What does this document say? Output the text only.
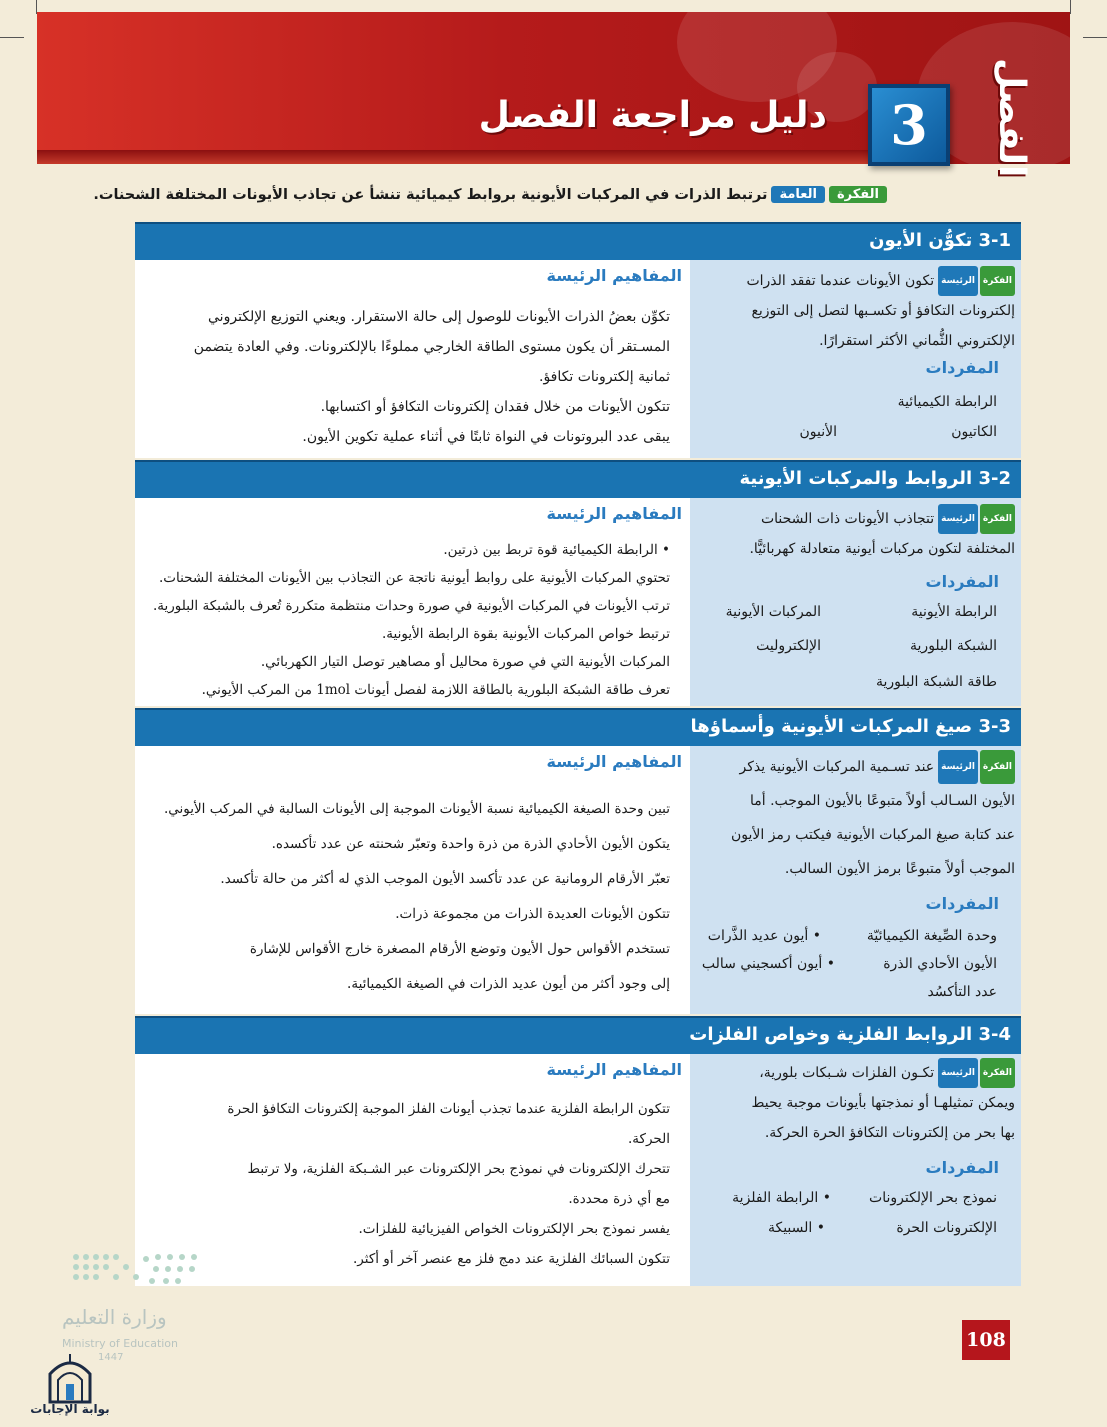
دليل مراجعة الفصل	3	الفصل
الفكرة
العامة
ترتبط الذرات في المركبات الأيونية بروابط كيميائية تنشأ عن تجاذب الأيونات المختلفة الشحنات.
3-1 تكوُّن الأيون
المفاهيم الرئيسة
تكوِّن بعضُ الذرات الأيونات للوصول إلى حالة الاستقرار. ويعني التوزيع الإلكتروني
المسـتقر أن يكون مستوى الطاقة الخارجي مملوءًا بالإلكترونات. وفي العادة يتضمن
ثمانية إلكترونات تكافؤ.
تتكون الأيونات من خلال فقدان إلكترونات التكافؤ أو اكتسابها.
يبقى عدد البروتونات في النواة ثابتًا في أثناء عملية تكوين الأيون.
الفكرة
الرئيسة
تكون الأيونات عندما تفقد الذرات
إلكترونات التكافؤ أو تكسـبها لتصل إلى التوزيع
الإلكتروني الثُّماني الأكثر استقرارًا.
المفردات
الرابطة الكيميائية
الكاتيون
الأنيون
3-2 الروابط والمركبات الأيونية
المفاهيم الرئيسة
• الرابطة الكيميائية قوة تربط بين ذرتين.
تحتوي المركبات الأيونية على روابط أيونية ناتجة عن التجاذب بين الأيونات المختلفة الشحنات.
ترتب الأيونات في المركبات الأيونية في صورة وحدات منتظمة متكررة تُعرف بالشبكة البلورية.
ترتبط خواص المركبات الأيونية بقوة الرابطة الأيونية.
المركبات الأيونية التي في صورة محاليل أو مصاهير توصل التيار الكهربائي.
تعرف طاقة الشبكة البلورية بالطاقة اللازمة لفصل أيونات 1mol من المركب الأيوني.
الفكرة
الرئيسة
تتجاذب الأيونات ذات الشحنات
المختلفة لتكون مركبات أيونية متعادلة كهربائيًّا.
المفردات
الرابطة الأيونية
المركبات الأيونية
الشبكة البلورية
الإلكتروليت
طاقة الشبكة البلورية
3-3 صيغ المركبات الأيونية وأسماؤها
المفاهيم الرئيسة
تبين وحدة الصيغة الكيميائية نسبة الأيونات الموجبة إلى الأيونات السالبة في المركب الأيوني.
يتكون الأيون الأحادي الذرة من ذرة واحدة وتعبّر شحنته عن عدد تأكسده.
تعبّر الأرقام الرومانية عن عدد تأكسد الأيون الموجب الذي له أكثر من حالة تأكسد.
تتكون الأيونات العديدة الذرات من مجموعة ذرات.
تستخدم الأقواس حول الأيون وتوضع الأرقام المصغرة خارج الأقواس للإشارة
إلى وجود أكثر من أيون عديد الذرات في الصيغة الكيميائية.
الفكرة
الرئيسة
عند تسـمية المركبات الأيونية يذكر
الأيون السـالب أولاً متبوعًا بالأيون الموجب. أما
عند كتابة صيغ المركبات الأيونية فيكتب رمز الأيون
الموجب أولاً متبوعًا برمز الأيون السالب.
المفردات
وحدة الصِّيغة الكيميائيّة
• أيون عديد الذَّرات
الأيون الأحادي الذرة
• أيون أكسجيني سالب
عدد التأكسُد
3-4 الروابط الفلزية وخواص الفلزات
المفاهيم الرئيسة
تتكون الرابطة الفلزية عندما تجذب أيونات الفلز الموجبة إلكترونات التكافؤ الحرة
الحركة.
تتحرك الإلكترونات في نموذج بحر الإلكترونات عبر الشـبكة الفلزية، ولا ترتبط
مع أي ذرة محددة.
يفسر نموذج بحر الإلكترونات الخواص الفيزيائية للفلزات.
تتكون السبائك الفلزية عند دمج فلز مع عنصر آخر أو أكثر.
الفكرة
الرئيسة
تكـون الفلزات شـبكات بلورية،
ويمكن تمثيلهـا أو نمذجتها بأيونات موجبة يحيط
بها بحر من إلكترونات التكافؤ الحرة الحركة.
المفردات
نموذج بحر الإلكترونات
• الرابطة الفلزية
الإلكترونات الحرة
• السبيكة
108
وزارة التعليم
Ministry of Education
1447
بوابة الإجابات
